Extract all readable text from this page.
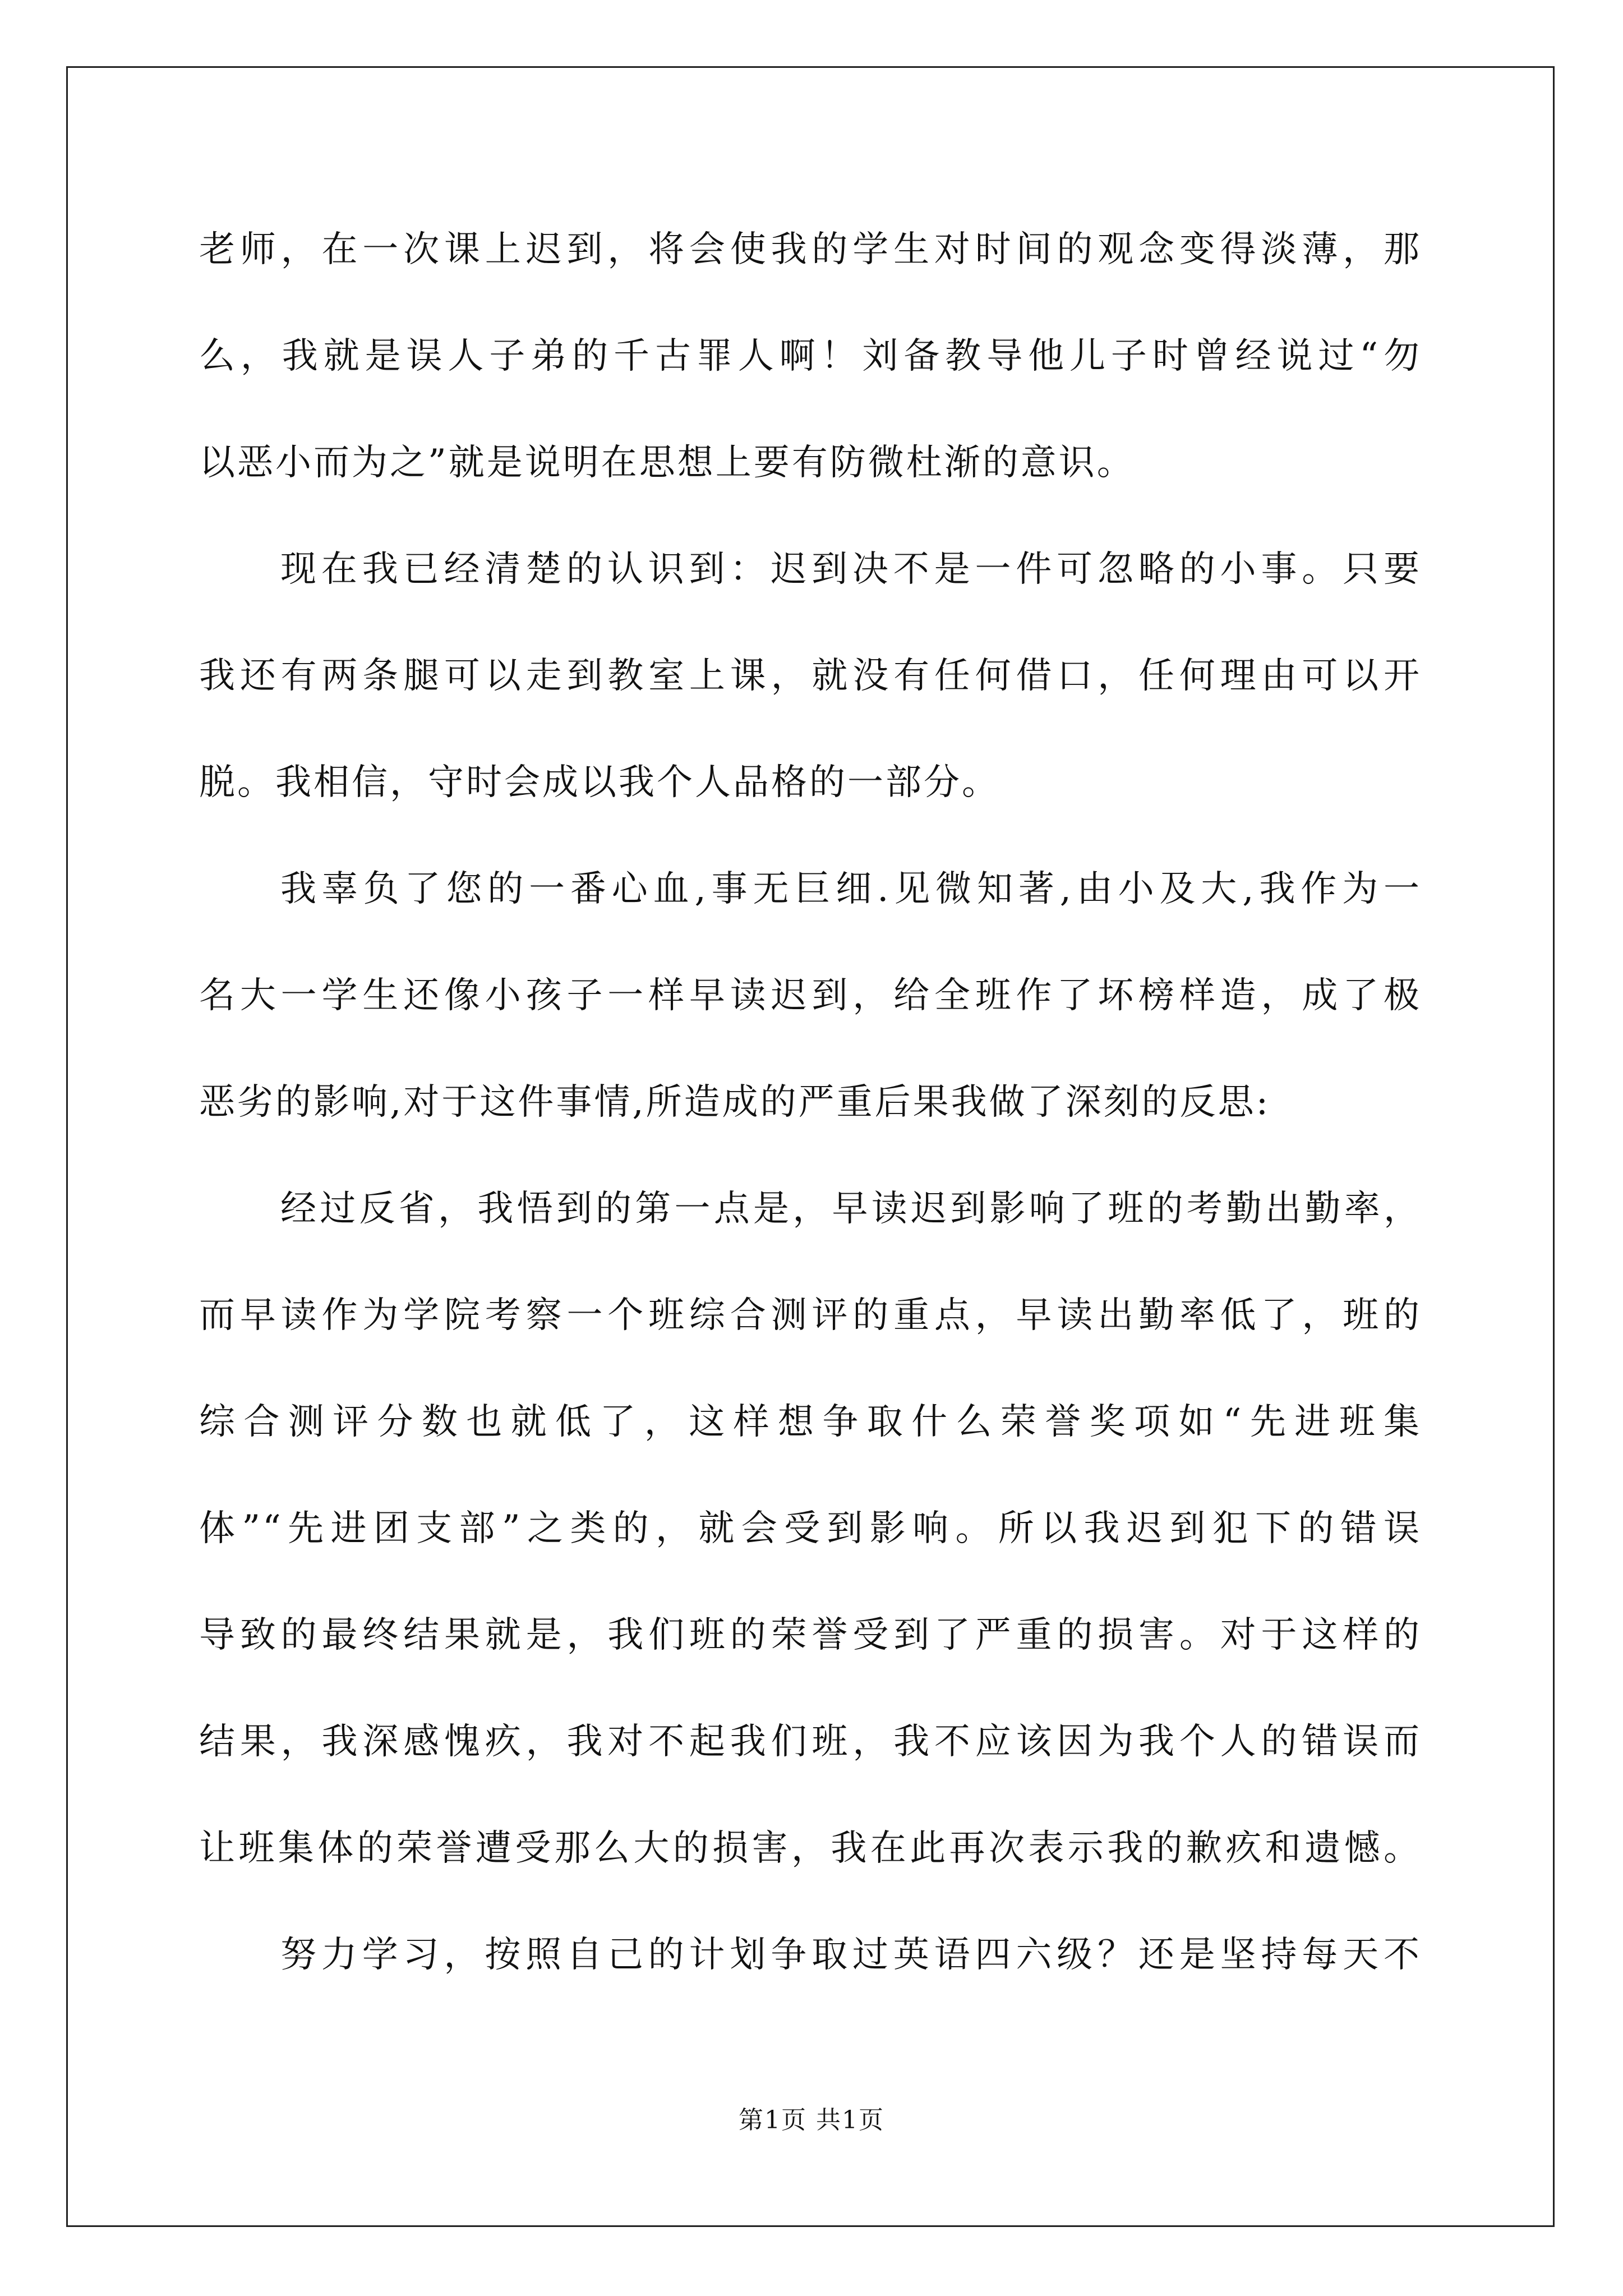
老师，在一次课上迟到，将会使我的学生对时间的观念变得淡薄，那
么，我就是误人子弟的千古罪人啊！刘备教导他儿子时曾经说过“勿
以恶小而为之”就是说明在思想上要有防微杜渐的意识。
现在我已经清楚的认识到：迟到决不是一件可忽略的小事。只要
我还有两条腿可以走到教室上课，就没有任何借口，任何理由可以开
脱。我相信，守时会成以我个人品格的一部分。
我辜负了您的一番心血,事无巨细.见微知著,由小及大,我作为一
名大一学生还像小孩子一样早读迟到，给全班作了坏榜样造，成了极
恶劣的影响,对于这件事情,所造成的严重后果我做了深刻的反思:
经过反省，我悟到的第一点是，早读迟到影响了班的考勤出勤率，
而早读作为学院考察一个班综合测评的重点，早读出勤率低了，班的
综合测评分数也就低了，这样想争取什么荣誉奖项如“先进班集
体”“先进团支部”之类的，就会受到影响。所以我迟到犯下的错误
导致的最终结果就是，我们班的荣誉受到了严重的损害。对于这样的
结果，我深感愧疚，我对不起我们班，我不应该因为我个人的错误而
让班集体的荣誉遭受那么大的损害，我在此再次表示我的歉疚和遗憾。
努力学习，按照自己的计划争取过英语四六级？还是坚持每天不
第1页 共1页
